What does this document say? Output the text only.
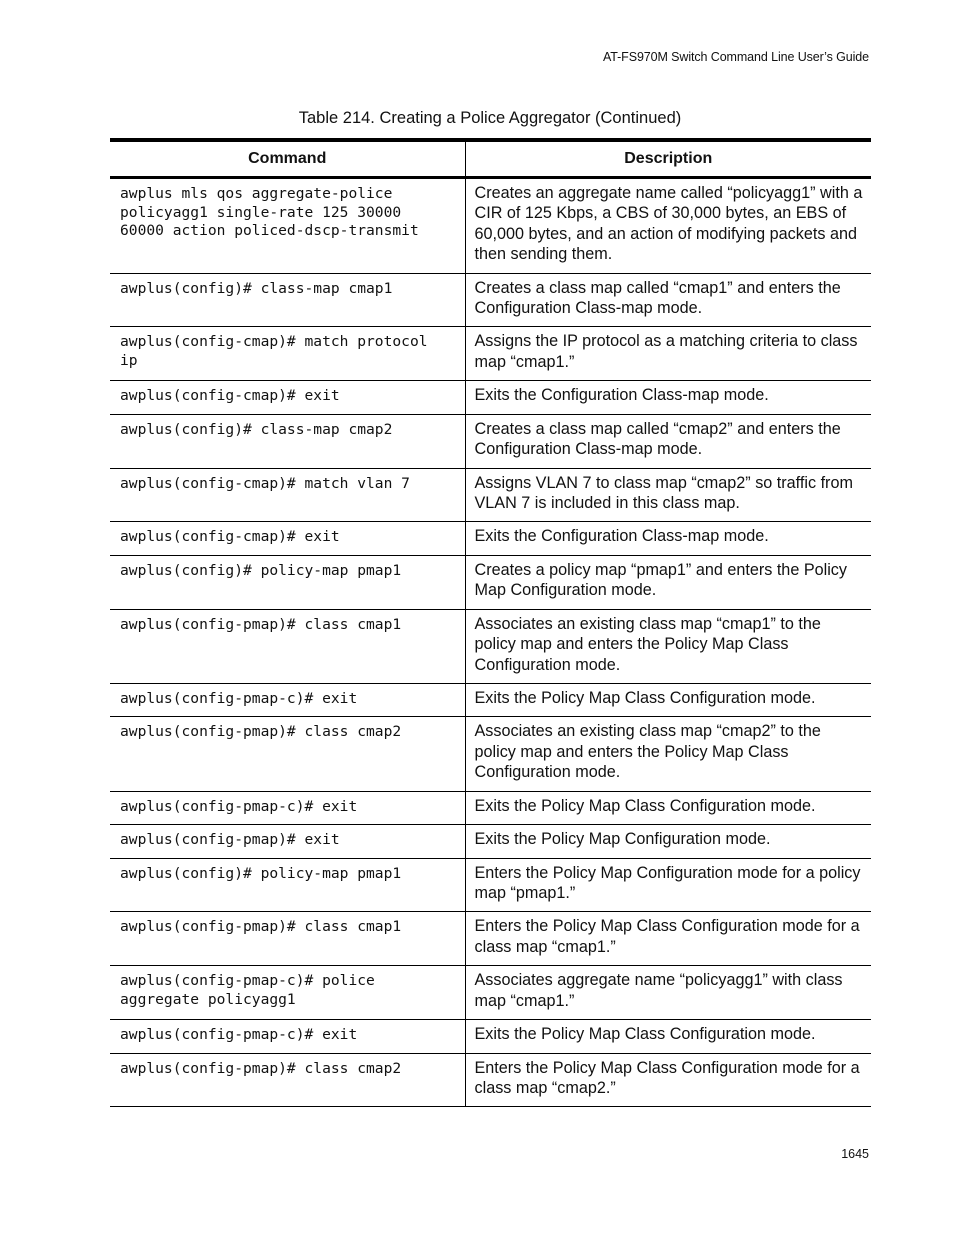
AT-FS970M Switch Command Line User’s Guide
Table 214. Creating a Police Aggregator (Continued)
Command	Description
awplus mls qos aggregate-police
policyagg1 single-rate 125 30000
60000 action policed-dscp-transmit	Creates an aggregate name called “policyagg1” with a CIR of 125 Kbps, a CBS of 30,000 bytes, an EBS of 60,000 bytes, and an action of modifying packets and then sending them.
awplus(config)# class-map cmap1	Creates a class map called “cmap1” and enters the Configuration Class-map mode.
awplus(config-cmap)# match protocol
ip	Assigns the IP protocol as a matching criteria to class map “cmap1.”
awplus(config-cmap)# exit	Exits the Configuration Class-map mode.
awplus(config)# class-map cmap2	Creates a class map called “cmap2” and enters the Configuration Class-map mode.
awplus(config-cmap)# match vlan 7	Assigns VLAN 7 to class map “cmap2” so traffic from VLAN 7 is included in this class map.
awplus(config-cmap)# exit	Exits the Configuration Class-map mode.
awplus(config)# policy-map pmap1	Creates a policy map “pmap1” and enters the Policy Map Configuration mode.
awplus(config-pmap)# class cmap1	Associates an existing class map “cmap1” to the policy map and enters the Policy Map Class Configuration mode.
awplus(config-pmap-c)# exit	Exits the Policy Map Class Configuration mode.
awplus(config-pmap)# class cmap2	Associates an existing class map “cmap2” to the policy map and enters the Policy Map Class Configuration mode.
awplus(config-pmap-c)# exit	Exits the Policy Map Class Configuration mode.
awplus(config-pmap)# exit	Exits the Policy Map Configuration mode.
awplus(config)# policy-map pmap1	Enters the Policy Map Configuration mode for a policy map “pmap1.”
awplus(config-pmap)# class cmap1	Enters the Policy Map Class Configuration mode for a class map “cmap1.”
awplus(config-pmap-c)# police
aggregate policyagg1	Associates aggregate name “policyagg1” with class map “cmap1.”
awplus(config-pmap-c)# exit	Exits the Policy Map Class Configuration mode.
awplus(config-pmap)# class cmap2	Enters the Policy Map Class Configuration mode for a class map “cmap2.”
1645
